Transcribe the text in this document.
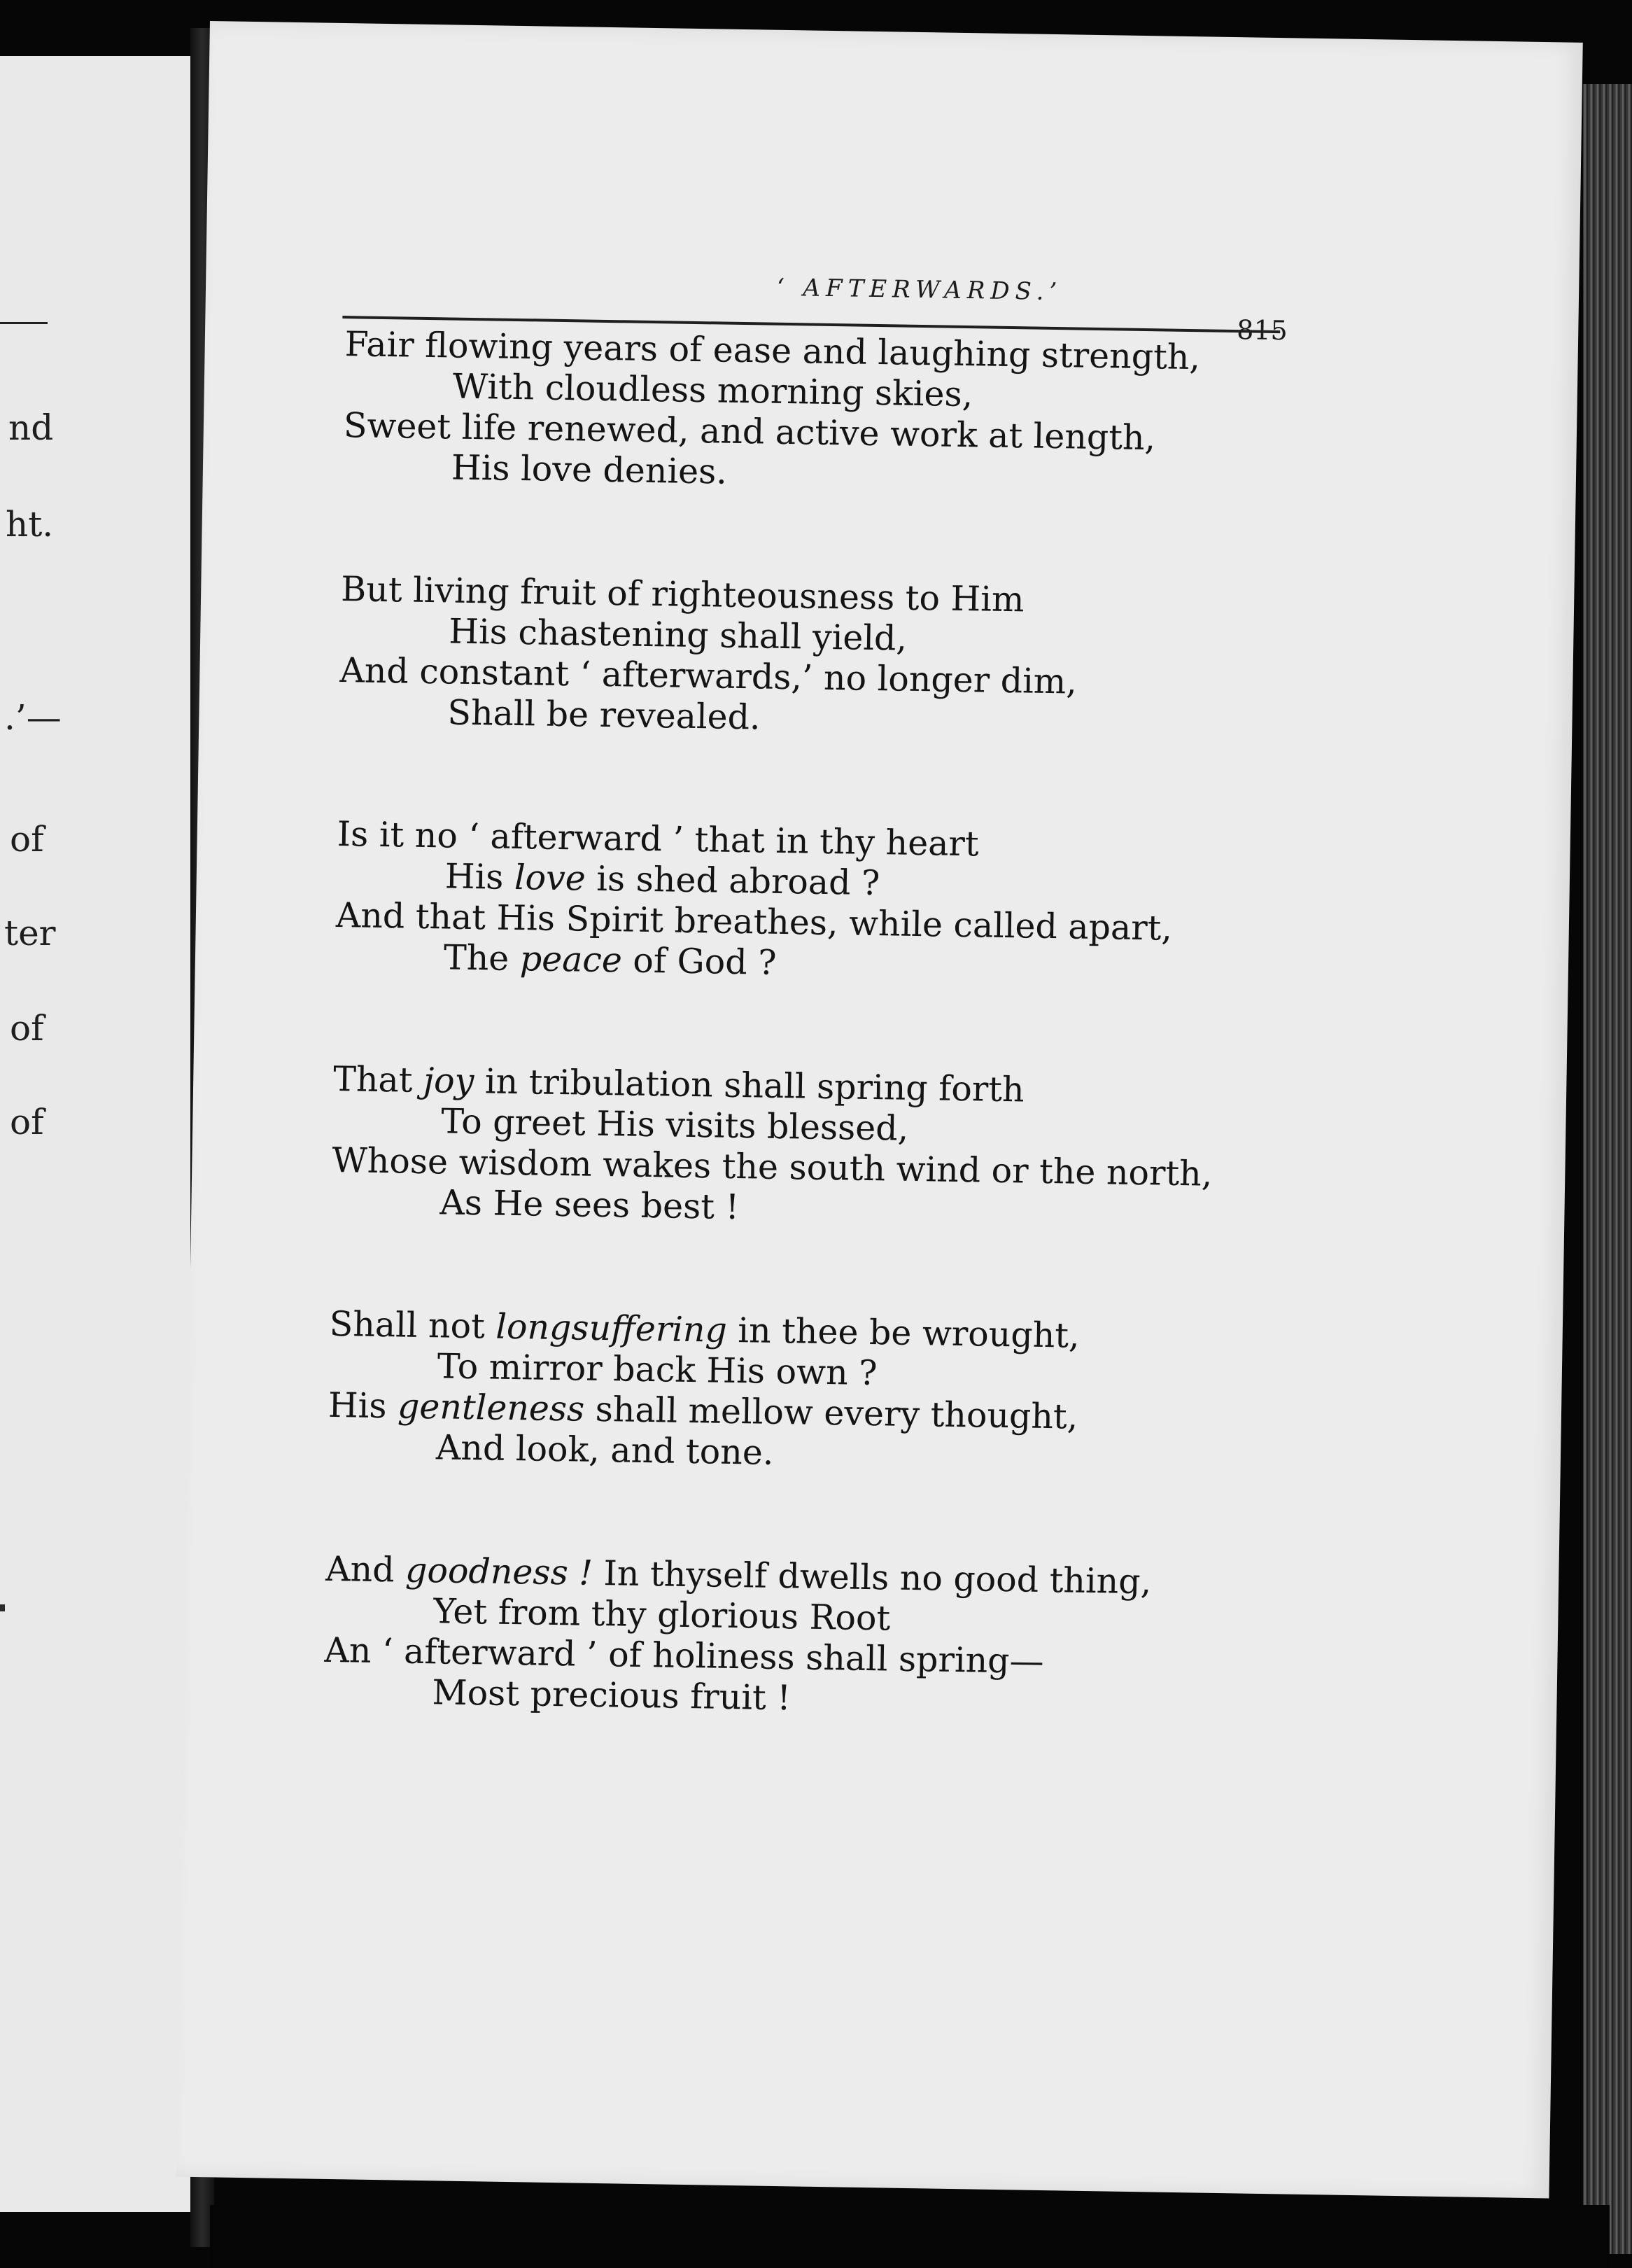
nd
ht.
.’—
of
ter
of
of
‘ AFTERWARDS.’
815
Fair flowing years of ease and laughing strength,
With cloudless morning skies,
Sweet life renewed, and active work at length,
His love denies.
But living fruit of righteousness to Him
His chastening shall yield,
And constant ‘ afterwards,’ no longer dim,
Shall be revealed.
Is it no ‘ afterward ’ that in thy heart
His love is shed abroad ?
And that His Spirit breathes, while called apart,
The peace of God ?
That joy in tribulation shall spring forth
To greet His visits blessed,
Whose wisdom wakes the south wind or the north,
As He sees best !
Shall not longsuffering in thee be wrought,
To mirror back His own ?
His gentleness shall mellow every thought,
And look, and tone.
And goodness ! In thyself dwells no good thing,
Yet from thy glorious Root
An ‘ afterward ’ of holiness shall spring—
Most precious fruit !
